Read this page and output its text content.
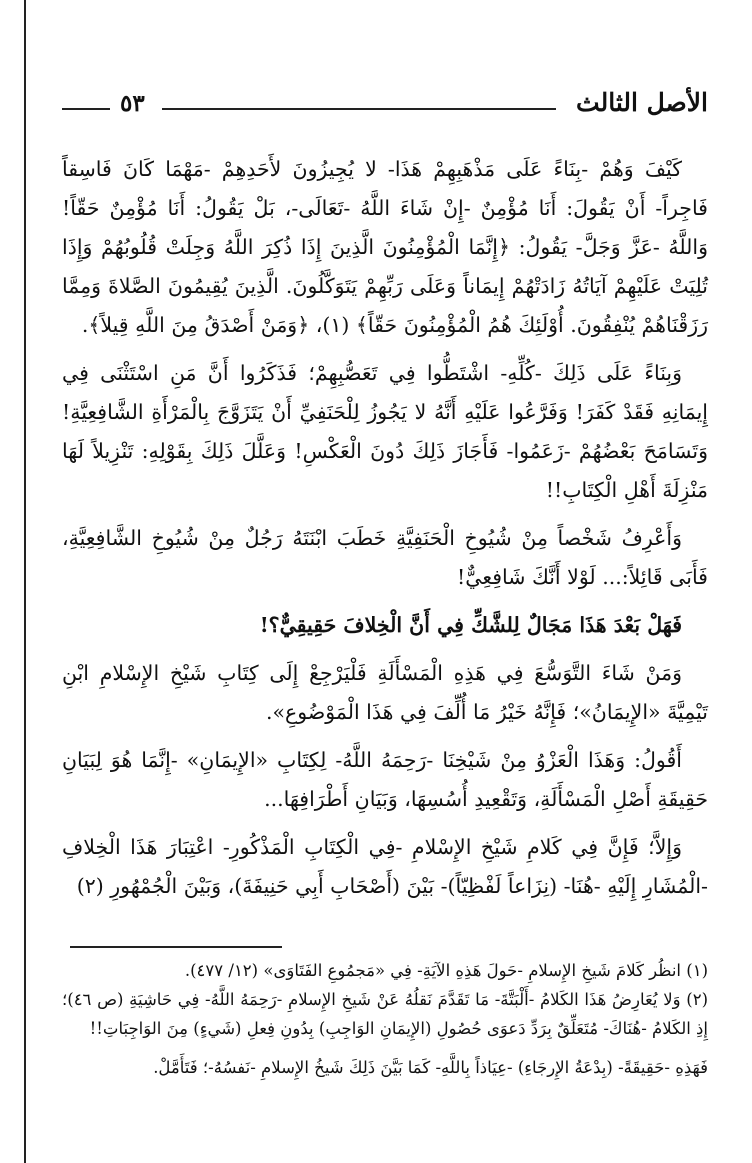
الأصل الثالث
٥٣

كَيْفَ وَهُمْ -بِنَاءً عَلَى مَذْهَبِهِمْ هَذَا- لا يُجِيزُونَ لأَحَدِهِمْ -مَهْمَا كَانَ فَاسِقاً فَاجِراً- أَنْ يَقُولَ: أَنَا مُؤْمِنٌ -إِنْ شَاءَ اللَّهُ -تَعَالَى-، بَلْ يَقُولُ: أَنَا مُؤْمِنٌ حَقّاً! وَاللَّهُ -عَزَّ وَجَلَّ- يَقُولُ: ﴿إِنَّمَا الْمُؤْمِنُونَ الَّذِينَ إِذَا ذُكِرَ اللَّهُ وَجِلَتْ قُلُوبُهُمْ وَإِذَا تُلِيَتْ عَلَيْهِمْ آيَاتُهُ زَادَتْهُمْ إِيمَاناً وَعَلَى رَبِّهِمْ يَتَوَكَّلُونَ. الَّذِينَ يُقِيمُونَ الصَّلاةَ وَمِمَّا رَزَقْنَاهُمْ يُنْفِقُونَ. أُوْلَئِكَ هُمُ الْمُؤْمِنُونَ حَقّاً﴾ (١)، ﴿وَمَنْ أَصْدَقُ مِنَ اللَّهِ قِيلاً﴾.

وَبِنَاءً عَلَى ذَلِكَ -كُلِّهِ- اشْتَطُّوا فِي تَعَصُّبِهِمْ؛ فَذَكَرُوا أَنَّ مَنِ اسْتَثْنَى فِي إِيمَانِهِ فَقَدْ كَفَرَ! وَفَرَّعُوا عَلَيْهِ أَنَّهُ لا يَجُوزُ لِلْحَنَفِيِّ أَنْ يَتَزَوَّجَ بِالْمَرْأَةِ الشَّافِعِيَّةِ! وَتَسَامَحَ بَعْضُهُمْ -زَعَمُوا- فَأَجَازَ ذَلِكَ دُونَ الْعَكْسِ! وَعَلَّلَ ذَلِكَ بِقَوْلِهِ: تَنْزِيلاً لَهَا مَنْزِلَةَ أَهْلِ الْكِتَابِ!!

وَأَعْرِفُ شَخْصاً مِنْ شُيُوخِ الْحَنَفِيَّةِ خَطَبَ ابْنَتَهُ رَجُلٌ مِنْ شُيُوخِ الشَّافِعِيَّةِ، فَأَبَى قَائِلاً:... لَوْلا أَنَّكَ شَافِعِيٌّ!

فَهَلْ بَعْدَ هَذَا مَجَالٌ لِلشَّكِّ فِي أَنَّ الْخِلافَ حَقِيقِيٌّ؟!

وَمَنْ شَاءَ التَّوَسُّعَ فِي هَذِهِ الْمَسْأَلَةِ فَلْيَرْجِعْ إِلَى كِتَابِ شَيْخِ الإِسْلامِ ابْنِ تَيْمِيَّةَ «الإِيمَانُ»؛ فَإِنَّهُ خَيْرُ مَا أُلِّفَ فِي هَذَا الْمَوْضُوعِ».

أَقُولُ: وَهَذَا الْعَزْوُ مِنْ شَيْخِنَا -رَحِمَهُ اللَّهُ- لِكِتَابِ «الإِيمَانِ» -إِنَّمَا هُوَ لِبَيَانِ حَقِيقَةِ أَصْلِ الْمَسْأَلَةِ، وَتَقْعِيدِ أُسُسِهَا، وَبَيَانِ أَطْرَافِهَا...

وَإِلاَّ؛ فَإِنَّ فِي كَلامِ شَيْخِ الإِسْلامِ -فِي الْكِتَابِ الْمَذْكُورِ- اعْتِبَارَ هَذَا الْخِلافِ -الْمُشَارِ إِلَيْهِ -هُنَا- (نِزَاعاً لَفْظِيّاً)- بَيْنَ (أَصْحَابِ أَبِي حَنِيفَةَ)، وَبَيْنَ الْجُمْهُورِ (٢)

(١) انظُر كَلامَ شَيخِ الإِسلامِ -حَولَ هَذِهِ الآيَةِ- فِي «مَجمُوعِ الفَتَاوَى» (١٢/ ٤٧٧).

(٢) وَلا يُعَارِضُ هَذَا الكَلامُ -أَلْبَتَّةَ- مَا تَقَدَّمَ نَقلُهُ عَنْ شَيخِ الإِسلامِ -رَحِمَهُ اللَّهُ- فِي حَاشِيَةِ (ص ٤٦)؛ إِذِ الكَلامُ -هُنَاكَ- مُتَعَلِّقٌ بِرَدِّ دَعوَى حُصُولِ (الإِيمَانِ الوَاجِبِ) بِدُونِ فِعلِ (شَيءٍ) مِنَ الوَاجِبَاتِ!!

فَهَذِهِ -حَقِيقَةً- (بِدْعَةُ الإِرجَاءِ) -عِيَاذاً بِاللَّهِ- كَمَا بَيَّنَ ذَلِكَ شَيخُ الإِسلامِ -نَفسُهُ-؛ فَتَأَمَّلْ.
